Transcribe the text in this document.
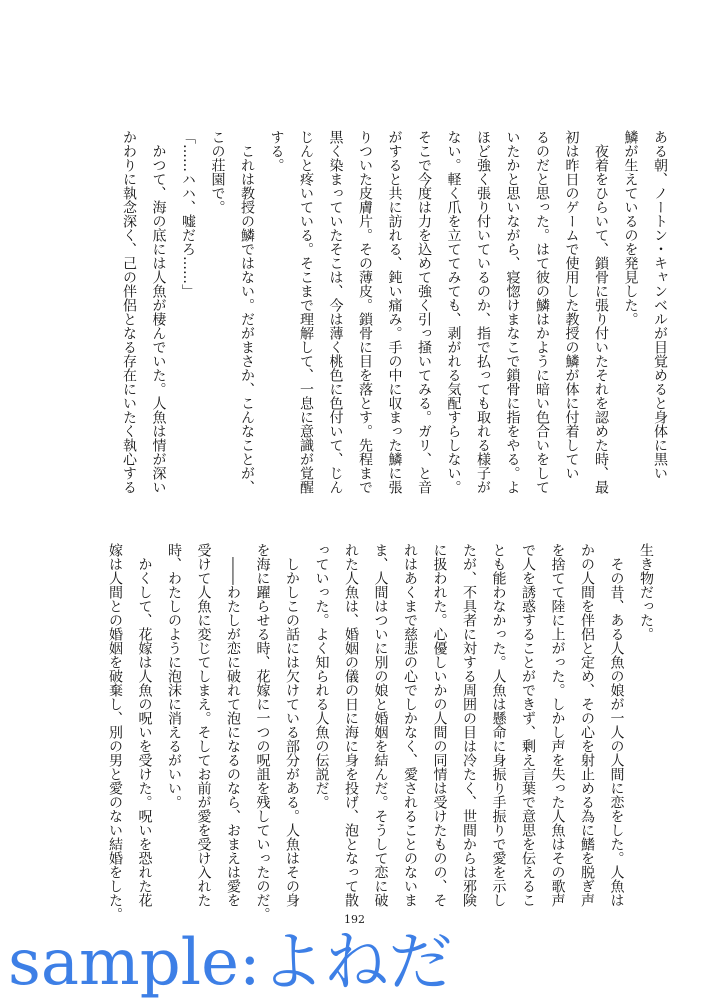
ある朝、ノートン・キャンベルが目覚めると身体に黒い
鱗が生えているのを発見した。
　夜着をひらいて、鎖骨に張り付いたそれを認めた時、最
初は昨日のゲームで使用した教授の鱗が体に付着してい
るのだと思った。はて彼の鱗はかように暗い色合いをして
いたかと思いながら、寝惚けまなこで鎖骨に指をやる。よ
ほど強く張り付いているのか、指で払っても取れる様子が
ない。軽く爪を立ててみても、剥がれる気配すらしない。
そこで今度は力を込めて強く引っ掻いてみる。ガリ、と音
がすると共に訪れる、鈍い痛み。手の中に収まった鱗に張
りついた皮膚片。その薄皮。鎖骨に目を落とす。先程まで
黒く染まっていたそこは、今は薄く桃色に色付いて、じん
じんと疼いている。そこまで理解して、一息に意識が覚醒
する。
　これは教授の鱗ではない。だがまさか、こんなことが、
この荘園で。
「……ハハ、嘘だろ……」
　かつて、海の底には人魚が棲んでいた。人魚は情が深い
かわりに執念深く、己の伴侶となる存在にいたく執心する
生き物だった。
　その昔、ある人魚の娘が一人の人間に恋をした。人魚は
かの人間を伴侶と定め、その心を射止める為に鰭を脱ぎ声
を捨てて陸に上がった。しかし声を失った人魚はその歌声
で人を誘惑することができず、剰え言葉で意思を伝えるこ
とも能わなかった。人魚は懸命に身振り手振りで愛を示し
たが、不具者に対する周囲の目は冷たく、世間からは邪険
に扱われた。心優しいかの人間の同情は受けたものの、そ
れはあくまで慈悲の心でしかなく、愛されることのないま
ま、人間はついに別の娘と婚姻を結んだ。そうして恋に破
れた人魚は、婚姻の儀の日に海に身を投げ、泡となって散
っていった。よく知られる人魚の伝説だ。
　しかしこの話には欠けている部分がある。人魚はその身
を海に躍らせる時、花嫁に一つの呪詛を残していったのだ。
　――わたしが恋に破れて泡になるのなら、おまえは愛を
受けて人魚に変じてしまえ。そしてお前が愛を受け入れた
時、わたしのように泡沫に消えるがいい。
　かくして、花嫁は人魚の呪いを受けた。呪いを恐れた花
嫁は人間との婚姻を破棄し、別の男と愛のない結婚をした。	192
sample:よねだ
